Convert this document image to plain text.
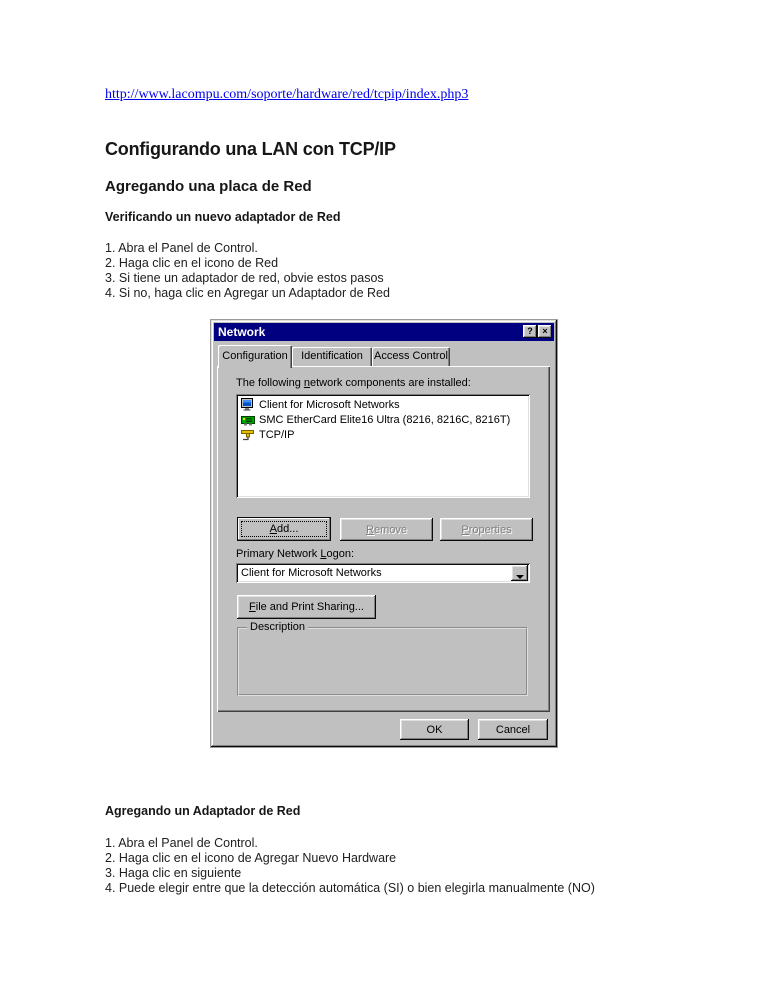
http://www.lacompu.com/soporte/hardware/red/tcpip/index.php3
Configurando una LAN con TCP/IP
Agregando una placa de Red
Verificando un nuevo adaptador de Red
1. Abra el Panel de Control.
2. Haga clic en el icono de Red
3. Si tiene un adaptador de red, obvie estos pasos
4. Si no, haga clic en Agregar un Adaptador de Red
Network	?	×
Configuration	Identification	Access Control
The following network components are installed:
Client for Microsoft Networks
SMC EtherCard Elite16 Ultra (8216, 8216C, 8216T)
TCP/IP
Add...	Remove	Properties
Primary Network Logon:
Client for Microsoft Networks
File and Print Sharing...
Description
OK	Cancel
Agregando un Adaptador de Red
1. Abra el Panel de Control.
2. Haga clic en el icono de Agregar Nuevo Hardware
3. Haga clic en siguiente
4. Puede elegir entre que la detección automática (SI) o bien elegirla manualmente (NO)
